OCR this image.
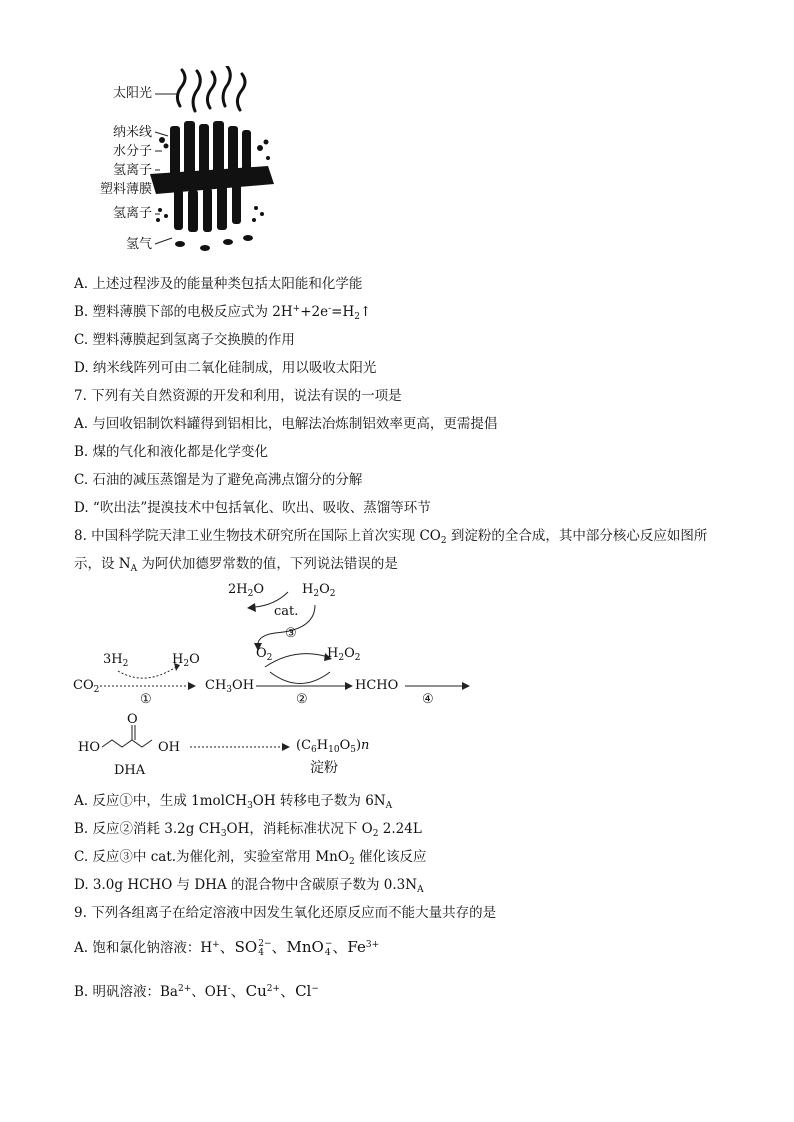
太阳光
纳米线
水分子
氢离子
塑料薄膜
氢离子
氢气
A. 上述过程涉及的能量种类包括太阳能和化学能
B. 塑料薄膜下部的电极反应式为 $2H^++2e^-=H_2↑$
C. 塑料薄膜起到氢离子交换膜的作用
D. 纳米线阵列可由二氧化硅制成，用以吸收太阳光
7. 下列有关自然资源的开发和利用，说法有误的一项是
A. 与回收铝制饮料罐得到铝相比，电解法冶炼制铝效率更高，更需提倡
B. 煤的气化和液化都是化学变化
C. 石油的减压蒸馏是为了避免高沸点馏分的分解
D. “吹出法”提溴技术中包括氧化、吹出、吸收、蒸馏等环节
8. 中国科学院天津工业生物技术研究所在国际上首次实现 $CO_2$ 到淀粉的全合成，其中部分核心反应如图所
示，设 $N_A$ 为阿伏加德罗常数的值，下列说法错误的是
$2H_2O$	$H_2O_2$
cat.
③
$O_2$	$H_2O_2$
$3H_2$	$H_2O$
$CO_2$
①
$CH_3OH$
②
HCHO
④
HO
O
OH
DHA
$(C_6H_{10}O_5)n$
淀粉
A. 反应①中，生成 1molCH$_3$OH 转移电子数为 $6N_A$
B. 反应②消耗 3.2g $CH_3OH$，消耗标准状况下 $O_2$ 2.24L
C. 反应③中 cat.为催化剂，实验室常用 MnO$_2$ 催化该反应
D. 3.0g HCHO 与 DHA 的混合物中含碳原子数为 $0.3N_A$
9. 下列各组离子在给定溶液中因发生氧化还原反应而不能大量共存的是
A. 饱和氯化钠溶液：H+、SO 2−
4 、MnO −
4 、$Fe^{3+}$
B. 明矾溶液：$Ba^{2+}$、OH-、$Cu^{2+}$、Cl−
